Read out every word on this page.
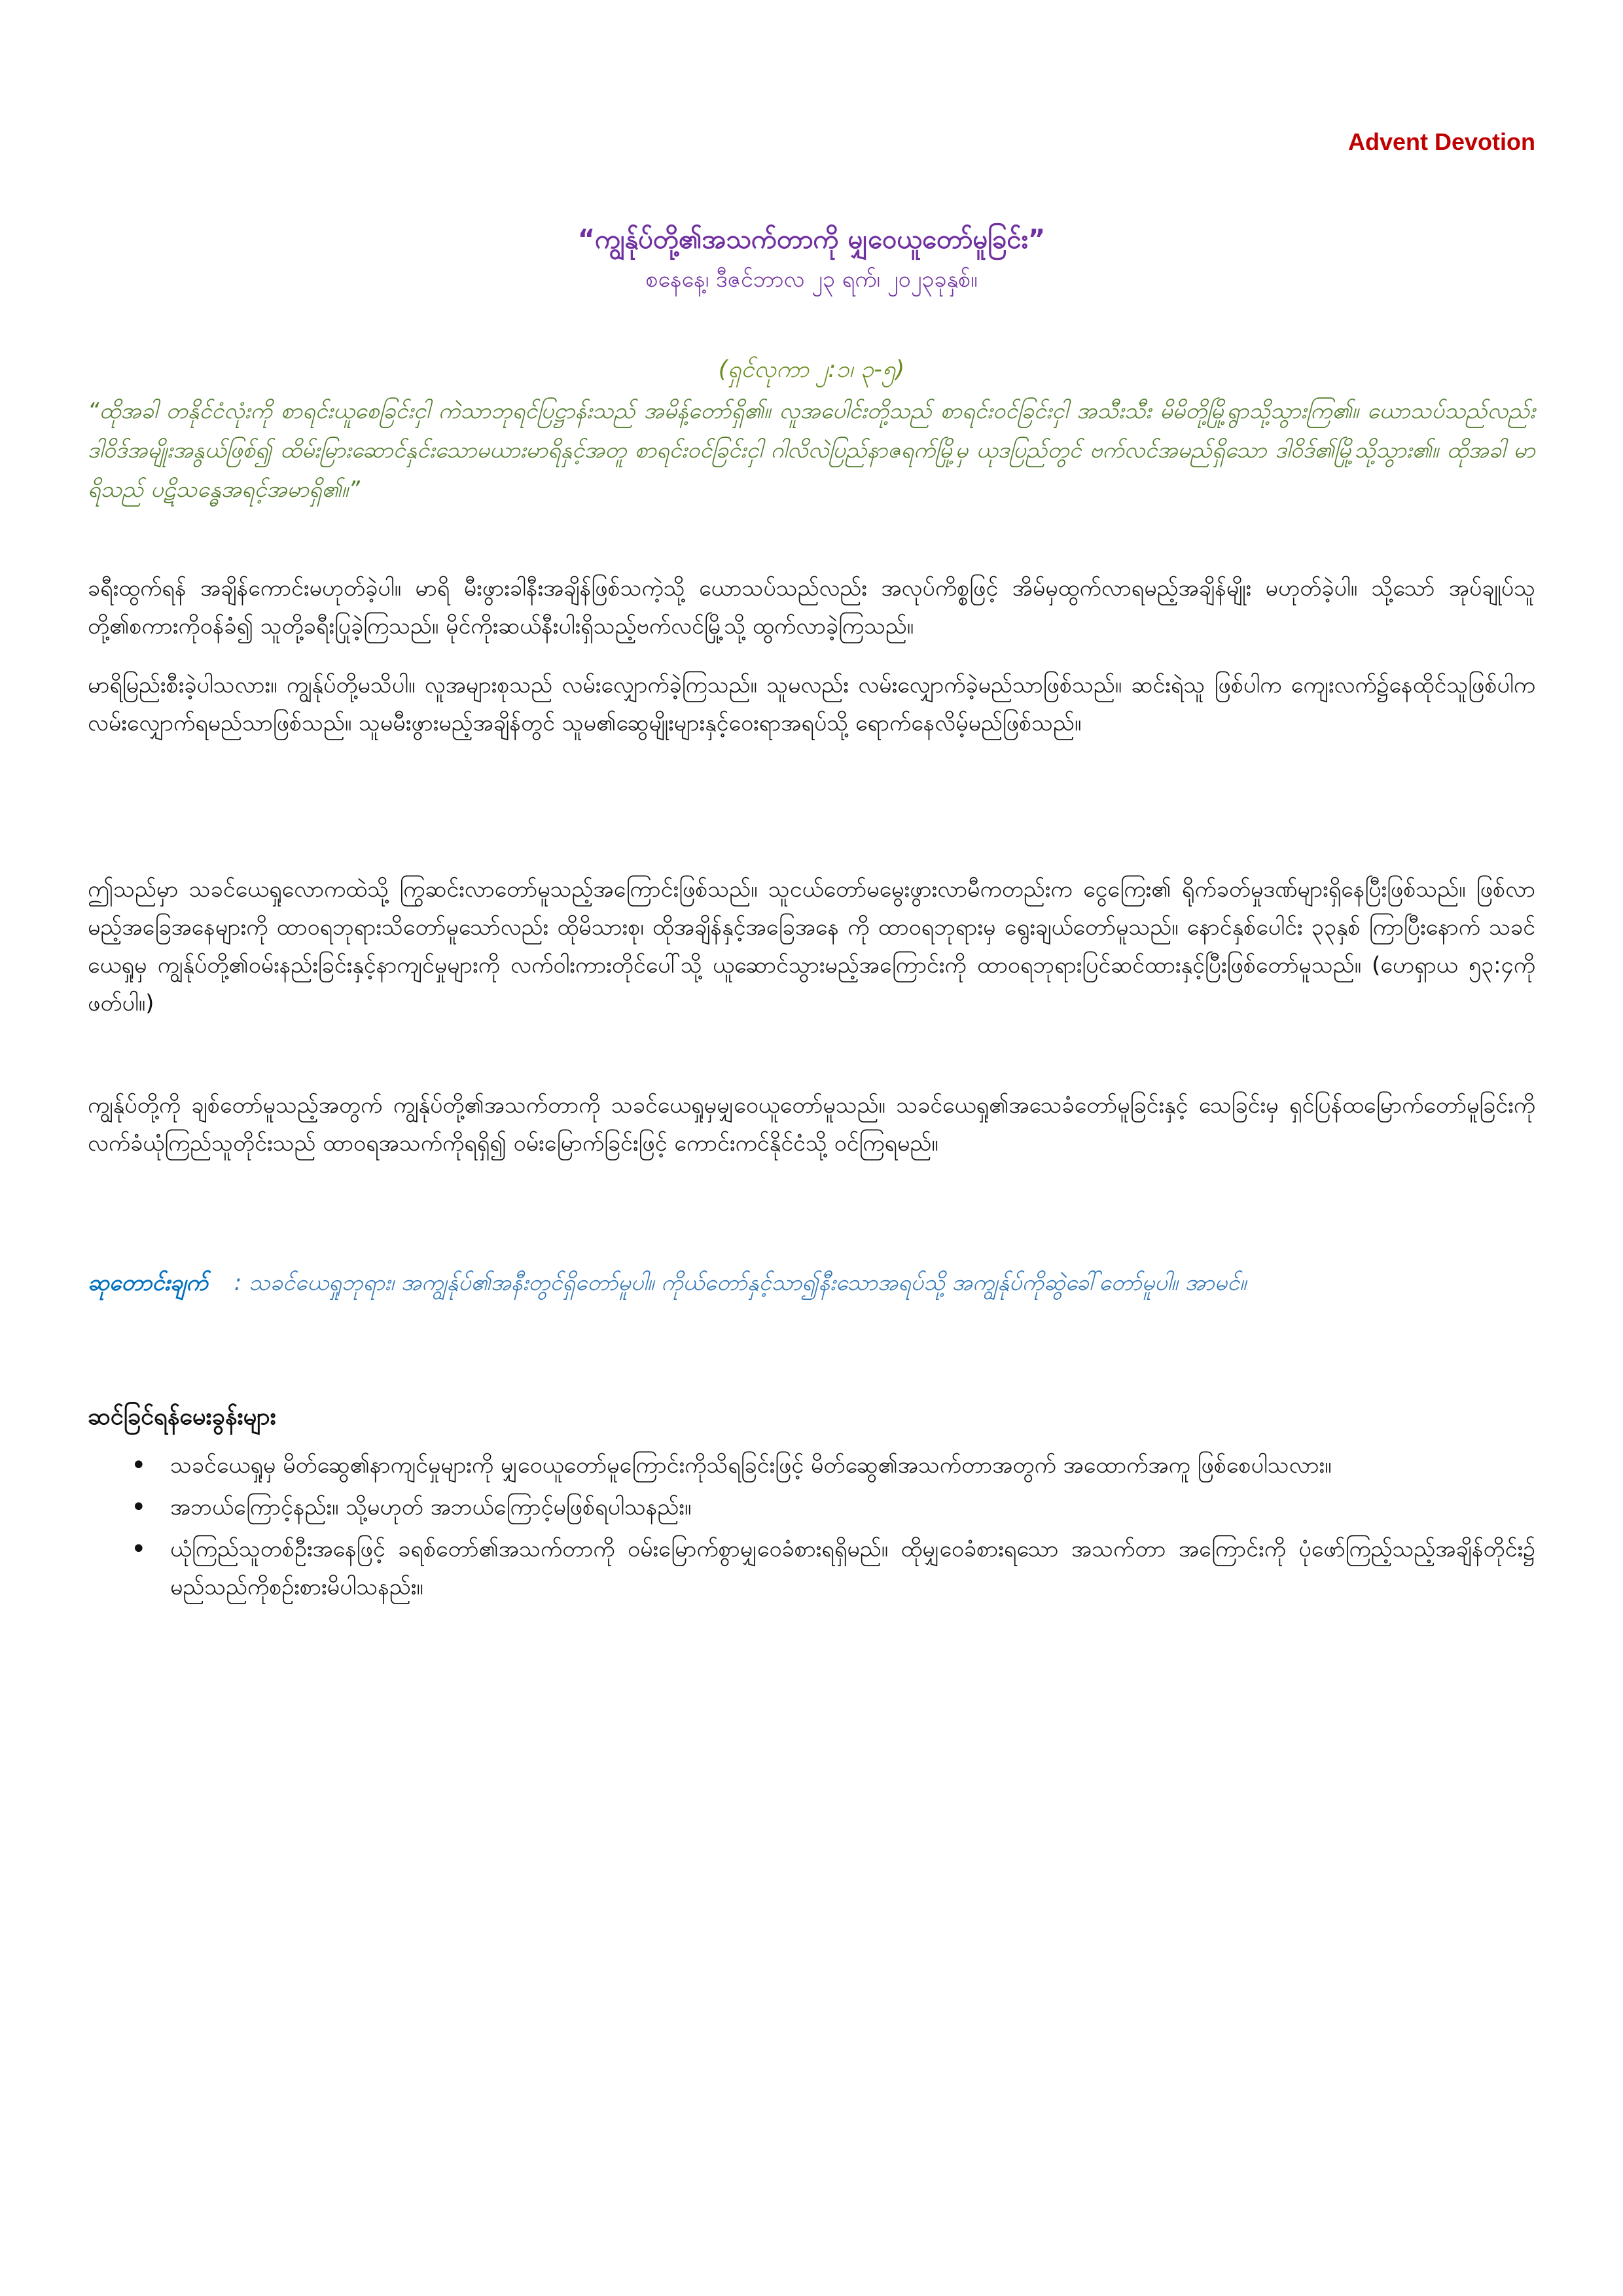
Advent Devotion
“ကျွန်ုပ်တို့၏အသက်တာကို မျှဝေယူတော်မူခြင်း”
စနေနေ့၊ ဒီဇင်ဘာလ ၂၃ ရက်၊ ၂၀၂၃ခုနှစ်။
(ရှင်လုကာ ၂:၁၊ ၃-၅)
“ထိုအခါ တနိုင်ငံလုံးကို စာရင်းယူစေခြင်းငှါ ကဲသာဘုရင်ပြဋ္ဌာန်းသည် အမိန့်တော်ရှိ၏။ လူအပေါင်းတို့သည် စာရင်းဝင်ခြင်းငှါ အသီးသီး မိမိတို့မြို့ရွာသို့သွားကြ၏။ ယောသပ်သည်လည်း ဒါဝိဒ်အမျိုးအနွယ်ဖြစ်၍ ထိမ်းမြားဆောင်နှင်းသောမယားမာရိနှင့်အတူ စာရင်းဝင်ခြင်းငှါ ဂါလိလဲပြည်နာဇရက်မြို့မှ ယုဒပြည်တွင် ဗက်လင်အမည်ရှိသော ဒါဝိဒ်၏မြို့သို့သွား၏။ ထိုအခါ မာရိသည် ပဋိသန္ဓေအရင့်အမာရှိ၏။”
ခရီးထွက်ရန် အချိန်ကောင်းမဟုတ်ခဲ့ပါ။ မာရိ မီးဖွားခါနီးအချိန်ဖြစ်သကဲ့သို့ ယောသပ်သည်လည်း အလုပ်ကိစ္စဖြင့် အိမ်မှထွက်လာရမည့်အချိန်မျိုး မဟုတ်ခဲ့ပါ။ သို့သော် အုပ်ချုပ်သူတို့၏စကားကိုဝန်ခံ၍ သူတို့ခရီးပြုခဲ့ကြသည်။ မိုင်ကိုးဆယ်နီးပါးရှိသည့်ဗက်လင်မြို့သို့ ထွက်လာခဲ့ကြသည်။
မာရိမြည်းစီးခဲ့ပါသလား။ ကျွန်ုပ်တို့မသိပါ။ လူအများစုသည် လမ်းလျှောက်ခဲ့ကြသည်။ သူမလည်း လမ်းလျှောက်ခဲ့မည်သာဖြစ်သည်။ ဆင်းရဲသူ ဖြစ်ပါက ကျေးလက်၌နေထိုင်သူဖြစ်ပါက လမ်းလျှောက်ရမည်သာဖြစ်သည်။ သူမမီးဖွားမည့်အချိန်တွင် သူမ၏ဆွေမျိုးများနှင့်ဝေးရာအရပ်သို့ ရောက်နေလိမ့်မည်ဖြစ်သည်။
ဤသည်မှာ သခင်ယေရှုလောကထဲသို့ ကြွဆင်းလာတော်မူသည့်အကြောင်းဖြစ်သည်။ သူငယ်တော်မမွေးဖွားလာမီကတည်းက ငွေကြေး၏ ရိုက်ခတ်မှုဒဏ်များရှိနေပြီးဖြစ်သည်။ ဖြစ်လာမည့်အခြေအနေများကို ထာဝရဘုရားသိတော်မူသော်လည်း ထိုမိသားစု၊ ထိုအချိန်နှင့်အခြေအနေ ကို ထာဝရဘုရားမှ ရွေးချယ်တော်မူသည်။ နောင်နှစ်ပေါင်း ၃၃နှစ် ကြာပြီးနောက် သခင်ယေရှုမှ ကျွန်ုပ်တို့၏ဝမ်းနည်းခြင်းနှင့်နာကျင်မှုများကို လက်ဝါးကားတိုင်ပေါ်သို့ ယူဆောင်သွားမည့်အကြောင်းကို ထာဝရဘုရားပြင်ဆင်ထားနှင့်ပြီးဖြစ်တော်မူသည်။ (ဟေရှာယ ၅၃:၄ကိုဖတ်ပါ။)
ကျွန်ုပ်တို့ကို ချစ်တော်မူသည့်အတွက် ကျွန်ုပ်တို့၏အသက်တာကို သခင်ယေရှုမှမျှဝေယူတော်မူသည်။ သခင်ယေရှု၏အသေခံတော်မူခြင်းနှင့် သေခြင်းမှ ရှင်ပြန်ထမြောက်တော်မူခြင်းကို လက်ခံယုံကြည်သူတိုင်းသည် ထာဝရအသက်ကိုရရှိ၍ ဝမ်းမြောက်ခြင်းဖြင့် ကောင်းကင်နိုင်ငံသို့ ဝင်ကြရမည်။
ဆုတောင်းချက် : သခင်ယေရှုဘုရား၊ အကျွန်ုပ်၏အနီးတွင်ရှိတော်မူပါ။ ကိုယ်တော်နှင့်သာ၍နီးသောအရပ်သို့ အကျွန်ုပ်ကိုဆွဲခေါ်တော်မူပါ။ အာမင်။
ဆင်ခြင်ရန်မေးခွန်းများ
• သခင်ယေရှုမှ မိတ်ဆွေ၏နာကျင်မှုများကို မျှဝေယူတော်မူကြောင်းကိုသိရခြင်းဖြင့် မိတ်ဆွေ၏အသက်တာအတွက် အထောက်အကူ ဖြစ်စေပါသလား။
• အဘယ်ကြောင့်နည်း။ သို့မဟုတ် အဘယ်ကြောင့်မဖြစ်ရပါသနည်း။
• ယုံကြည်သူတစ်ဦးအနေဖြင့် ခရစ်တော်၏အသက်တာကို ဝမ်းမြောက်စွာမျှဝေခံစားရရှိမည်။ ထိုမျှဝေခံစားရသော အသက်တာ အကြောင်းကို ပုံဖော်ကြည့်သည့်အချိန်တိုင်း၌ မည်သည်ကိုစဉ်းစားမိပါသနည်း။
